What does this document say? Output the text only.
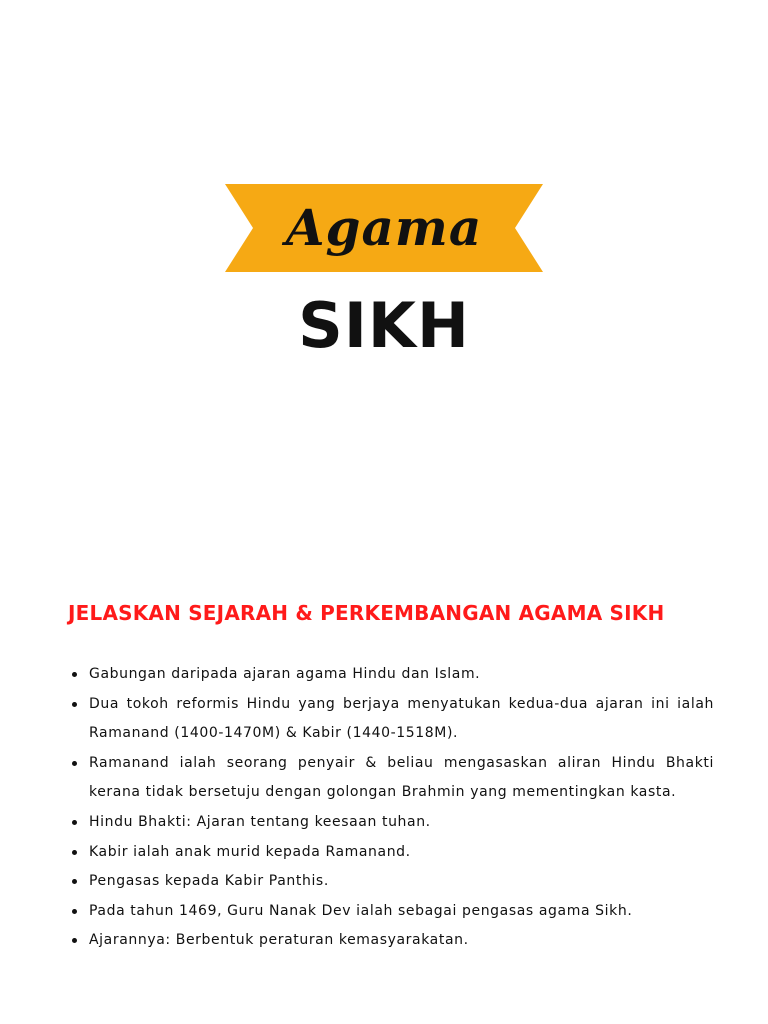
Agama
SIKH
JELASKAN SEJARAH & PERKEMBANGAN AGAMA SIKH
Gabungan daripada ajaran agama Hindu dan Islam.
Dua tokoh reformis Hindu yang berjaya menyatukan kedua-dua ajaran ini ialah Ramanand (1400-1470M) & Kabir (1440-1518M).
Ramanand ialah seorang penyair & beliau mengasaskan aliran Hindu Bhakti kerana tidak bersetuju dengan golongan Brahmin yang mementingkan kasta.
Hindu Bhakti: Ajaran tentang keesaan tuhan.
Kabir ialah anak murid kepada Ramanand.
Pengasas kepada Kabir Panthis.
Pada tahun 1469, Guru Nanak Dev ialah sebagai pengasas agama Sikh.
Ajarannya: Berbentuk peraturan kemasyarakatan.
